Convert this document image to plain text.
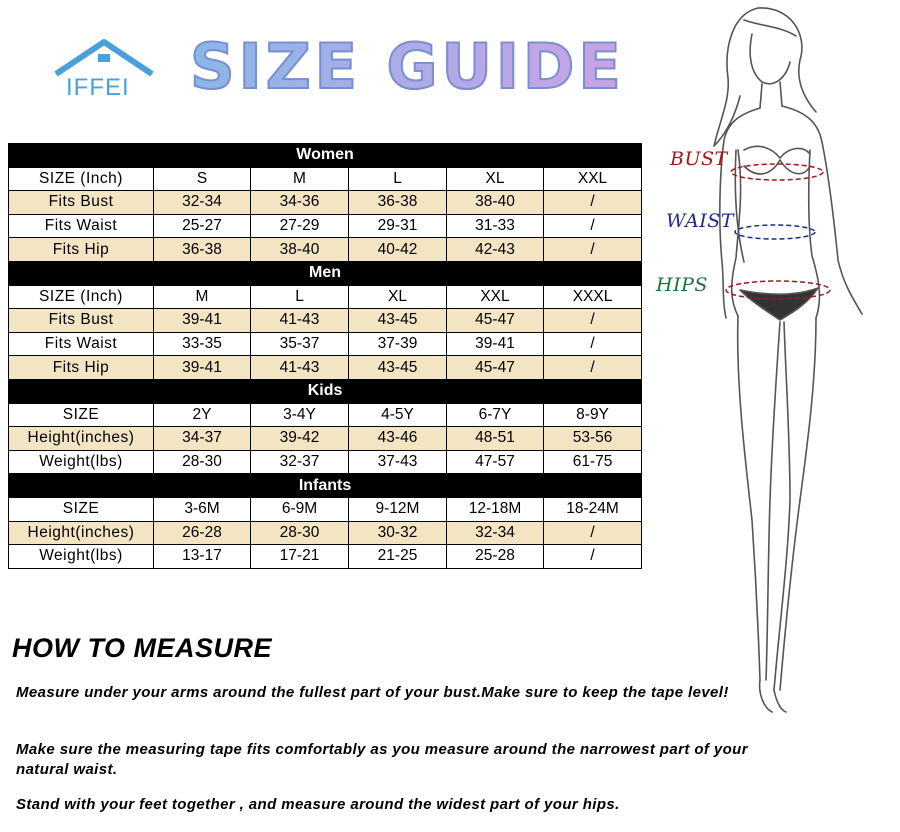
IFFEI SIZE GUIDE
Women					
SIZE (Inch)	S	M	L	XL	XXL
Fits Bust	32-34	34-36	36-38	38-40	/
Fits Waist	25-27	27-29	29-31	31-33	/
Fits Hip	36-38	38-40	40-42	42-43	/
Men					
SIZE (Inch)	M	L	XL	XXL	XXXL
Fits Bust	39-41	41-43	43-45	45-47	/
Fits Waist	33-35	35-37	37-39	39-41	/
Fits Hip	39-41	41-43	43-45	45-47	/
Kids					
SIZE	2Y	3-4Y	4-5Y	6-7Y	8-9Y
Height(inches)	34-37	39-42	43-46	48-51	53-56
Weight(lbs)	28-30	32-37	37-43	47-57	61-75
Infants					
SIZE	3-6M	6-9M	9-12M	12-18M	18-24M
Height(inches)	26-28	28-30	30-32	32-34	/
Weight(lbs)	13-17	17-21	21-25	25-28	/
BUST
WAIST
HIPS
HOW TO MEASURE
Measure under your arms around the fullest part of your bust.Make sure to keep the tape level!
Make sure the measuring tape fits comfortably as you measure around the narrowest part of your natural waist.
Stand with your feet together , and measure around the widest part of your hips.
